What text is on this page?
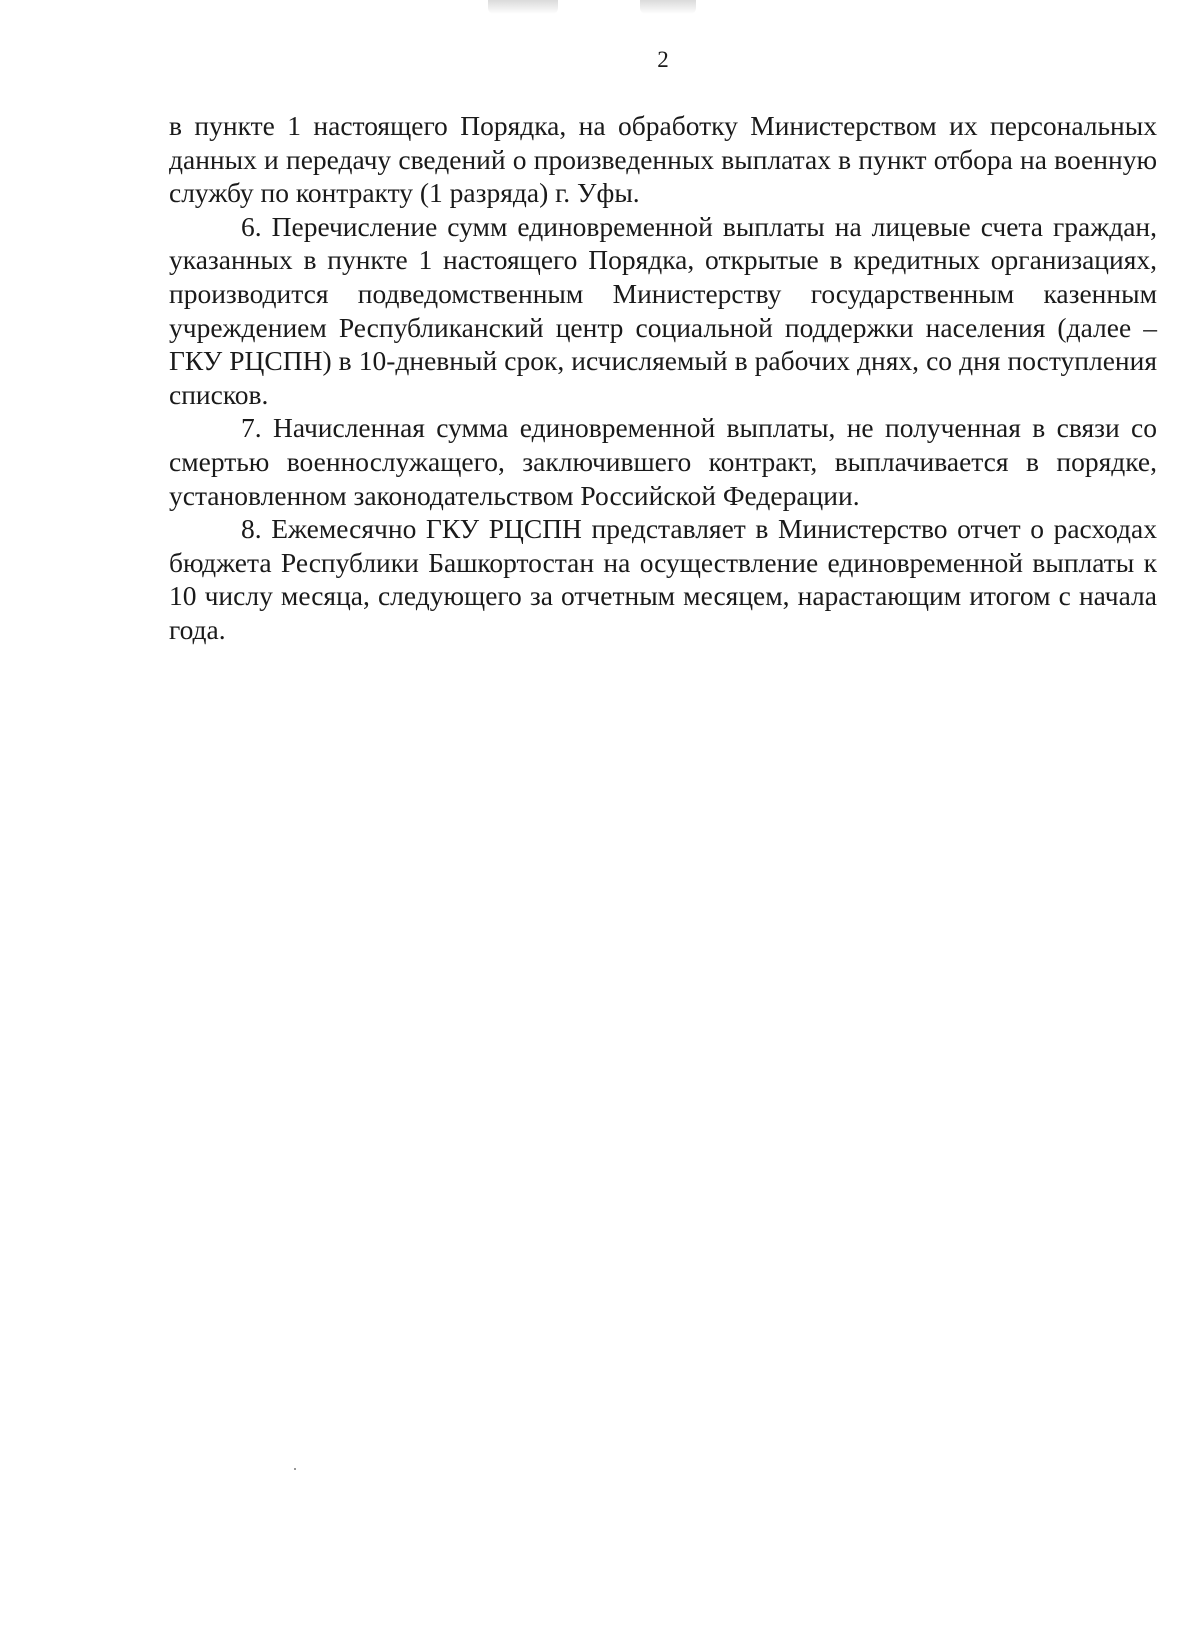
2

в пункте 1 настоящего Порядка, на обработку Министерством их персональных данных и передачу сведений о произведенных выплатах в пункт отбора на военную службу по контракту (1 разряда) г. Уфы.

6. Перечисление сумм единовременной выплаты на лицевые счета граждан, указанных в пункте 1 настоящего Порядка, открытые в кредитных организациях, производится подведомственным Министерству государственным казенным учреждением Республиканский центр социальной поддержки населения (далее – ГКУ РЦСПН) в 10-дневный срок, исчисляемый в рабочих днях, со дня поступления списков.

7. Начисленная сумма единовременной выплаты, не полученная в связи со смертью военнослужащего, заключившего контракт, выплачивается в порядке, установленном законодательством Российской Федерации.

8. Ежемесячно ГКУ РЦСПН представляет в Министерство отчет о расходах бюджета Республики Башкортостан на осуществление единовременной выплаты к 10 числу месяца, следующего за отчетным месяцем, нарастающим итогом с начала года.
